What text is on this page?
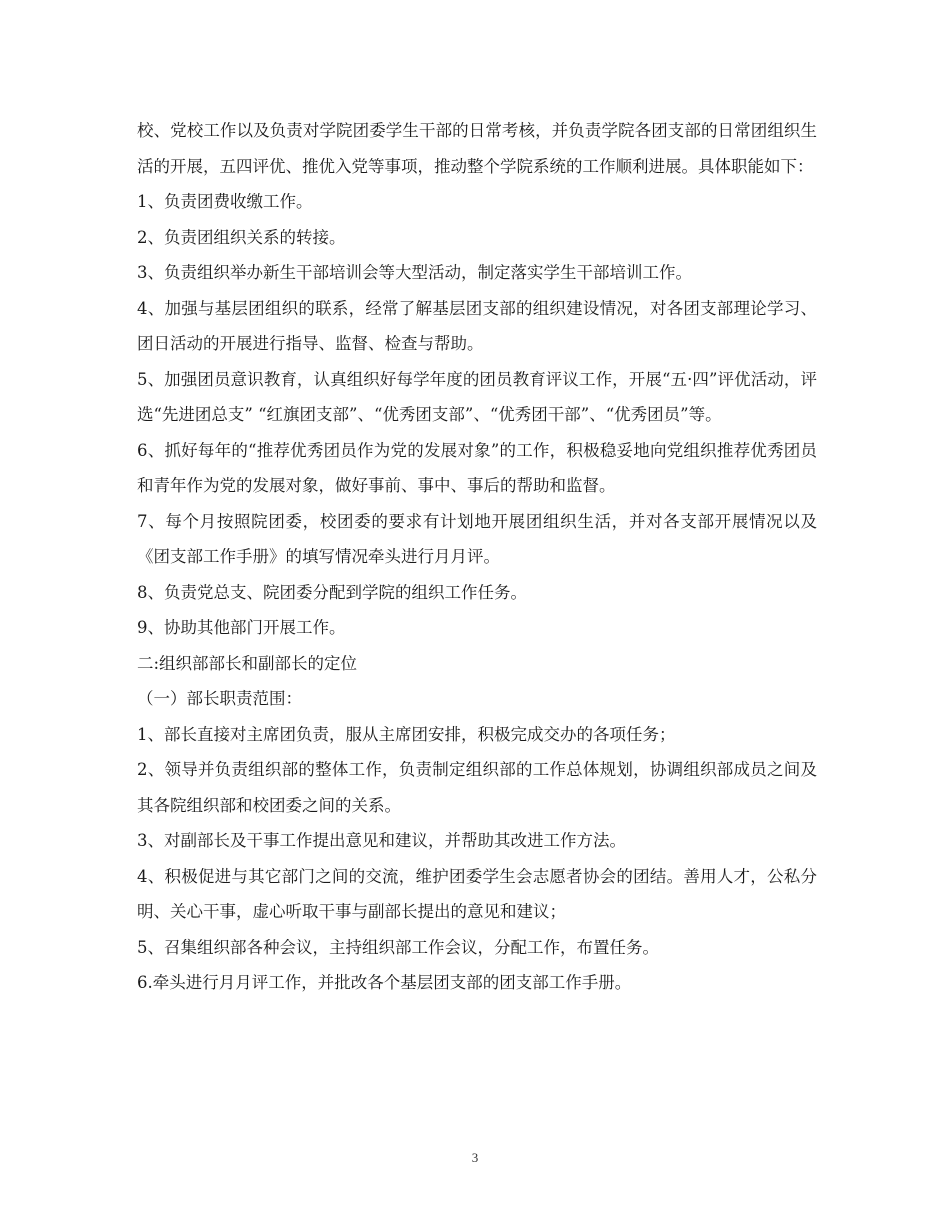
校、党校工作以及负责对学院团委学生干部的日常考核，并负责学院各团支部的日常团组织生活的开展，五四评优、推优入党等事项，推动整个学院系统的工作顺利进展。具体职能如下：

1、负责团费收缴工作。

2、负责团组织关系的转接。

3、负责组织举办新生干部培训会等大型活动，制定落实学生干部培训工作。

4、加强与基层团组织的联系，经常了解基层团支部的组织建设情况，对各团支部理论学习、团日活动的开展进行指导、监督、检查与帮助。

5、加强团员意识教育，认真组织好每学年度的团员教育评议工作，开展“五·四”评优活动，评选“先进团总支” “红旗团支部”、“优秀团支部”、“优秀团干部”、“优秀团员”等。

6、抓好每年的“推荐优秀团员作为党的发展对象”的工作，积极稳妥地向党组织推荐优秀团员和青年作为党的发展对象，做好事前、事中、事后的帮助和监督。

7、每个月按照院团委，校团委的要求有计划地开展团组织生活，并对各支部开展情况以及《团支部工作手册》的填写情况牵头进行月月评。

8、负责党总支、院团委分配到学院的组织工作任务。

9、协助其他部门开展工作。

二:组织部部长和副部长的定位

（一）部长职责范围：

1、部长直接对主席团负责，服从主席团安排，积极完成交办的各项任务；

2、领导并负责组织部的整体工作，负责制定组织部的工作总体规划，协调组织部成员之间及其各院组织部和校团委之间的关系。

3、对副部长及干事工作提出意见和建议，并帮助其改进工作方法。

4、积极促进与其它部门之间的交流，维护团委学生会志愿者协会的团结。善用人才，公私分明、关心干事，虚心听取干事与副部长提出的意见和建议；

5、召集组织部各种会议，主持组织部工作会议，分配工作，布置任务。

6.牵头进行月月评工作，并批改各个基层团支部的团支部工作手册。

3
